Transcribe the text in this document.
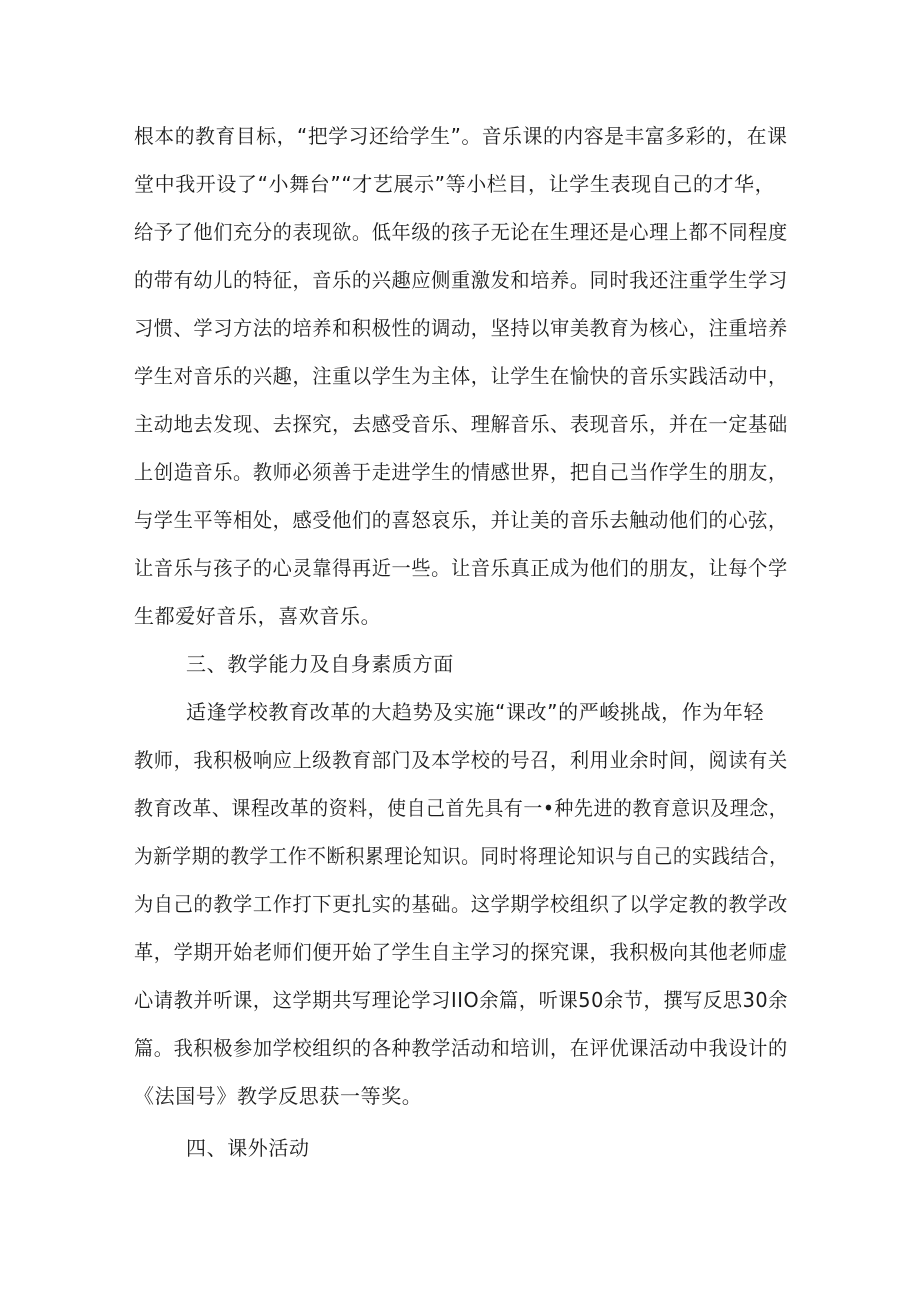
根本的教育目标，“把学习还给学生”。音乐课的内容是丰富多彩的，在课
堂中我开设了“小舞台”“才艺展示”等小栏目，让学生表现自己的才华，
给予了他们充分的表现欲。低年级的孩子无论在生理还是心理上都不同程度
的带有幼儿的特征，音乐的兴趣应侧重激发和培养。同时我还注重学生学习
习惯、学习方法的培养和积极性的调动，坚持以审美教育为核心，注重培养
学生对音乐的兴趣，注重以学生为主体，让学生在愉快的音乐实践活动中，
主动地去发现、去探究，去感受音乐、理解音乐、表现音乐，并在一定基础
上创造音乐。教师必须善于走进学生的情感世界，把自己当作学生的朋友，
与学生平等相处，感受他们的喜怒哀乐，并让美的音乐去触动他们的心弦，
让音乐与孩子的心灵靠得再近一些。让音乐真正成为他们的朋友，让每个学
生都爱好音乐，喜欢音乐。
三、教学能力及自身素质方面
适逢学校教育改革的大趋势及实施“课改”的严峻挑战，作为年轻
教师，我积极响应上级教育部门及本学校的号召，利用业余时间，阅读有关
教育改革、课程改革的资料，使自己首先具有一•种先进的教育意识及理念，
为新学期的教学工作不断积累理论知识。同时将理论知识与自己的实践结合，
为自己的教学工作打下更扎实的基础。这学期学校组织了以学定教的教学改
革，学期开始老师们便开始了学生自主学习的探究课，我积极向其他老师虚
心请教并听课，这学期共写理论学习IIO余篇，听课50余节，撰写反思30余
篇。我积极参加学校组织的各种教学活动和培训，在评优课活动中我设计的
《法国号》教学反思获一等奖。
四、课外活动
